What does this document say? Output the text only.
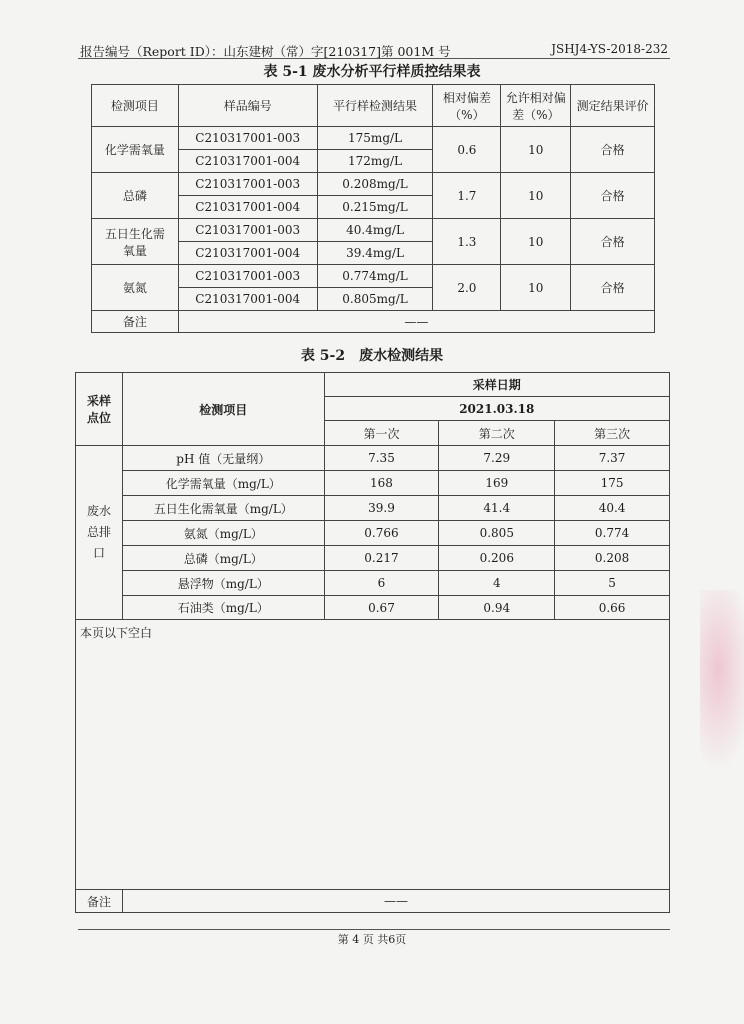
报告编号（Report ID）：山东建树（常）字[210317]第 001M 号	JSHJ4-YS-2018-232
表 5-1 废水分析平行样质控结果表
检测项目	样品编号	平行样检测结果	相对偏差（%）	允许相对偏差（%）	测定结果评价
化学需氧量	C210317001-003	175mg/L	0.6	10	合格
	C210317001-004	172mg/L			
总磷	C210317001-003	0.208mg/L	1.7	10	合格
	C210317001-004	0.215mg/L			
五日生化需氧量	C210317001-003	40.4mg/L	1.3	10	合格
	C210317001-004	39.4mg/L			
氨氮	C210317001-003	0.774mg/L	2.0	10	合格
	C210317001-004	0.805mg/L			
备注	——				
表 5-2　废水检测结果
采样点位	检测项目	采样日期		
		2021.03.18		
		第一次	第二次	第三次
废水总排口	pH 值（无量纲）	7.35	7.29	7.37
	化学需氧量（mg/L）	168	169	175
	五日生化需氧量（mg/L）	39.9	41.4	40.4
	氨氮（mg/L）	0.766	0.805	0.774
	总磷（mg/L）	0.217	0.206	0.208
	悬浮物（mg/L）	6	4	5
	石油类（mg/L）	0.67	0.94	0.66
本页以下空白				
备注	——			
第 4 页 共6页
